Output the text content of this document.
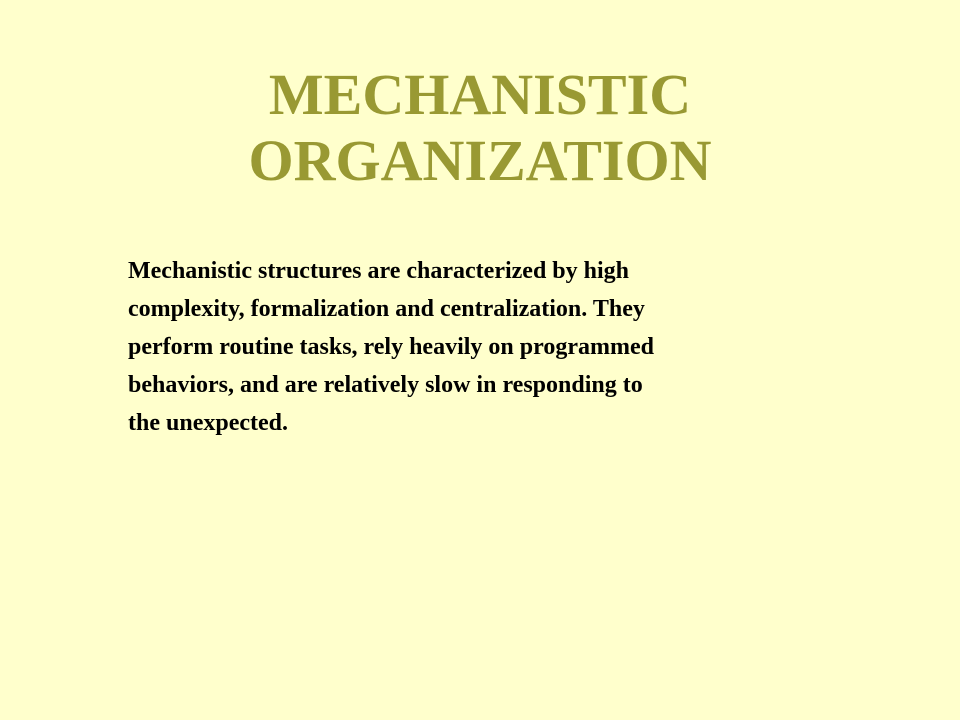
MECHANISTIC
ORGANIZATION
Mechanistic structures are characterized by high
complexity, formalization and centralization. They
perform routine tasks, rely heavily on programmed
behaviors, and are relatively slow in responding to
the unexpected.
